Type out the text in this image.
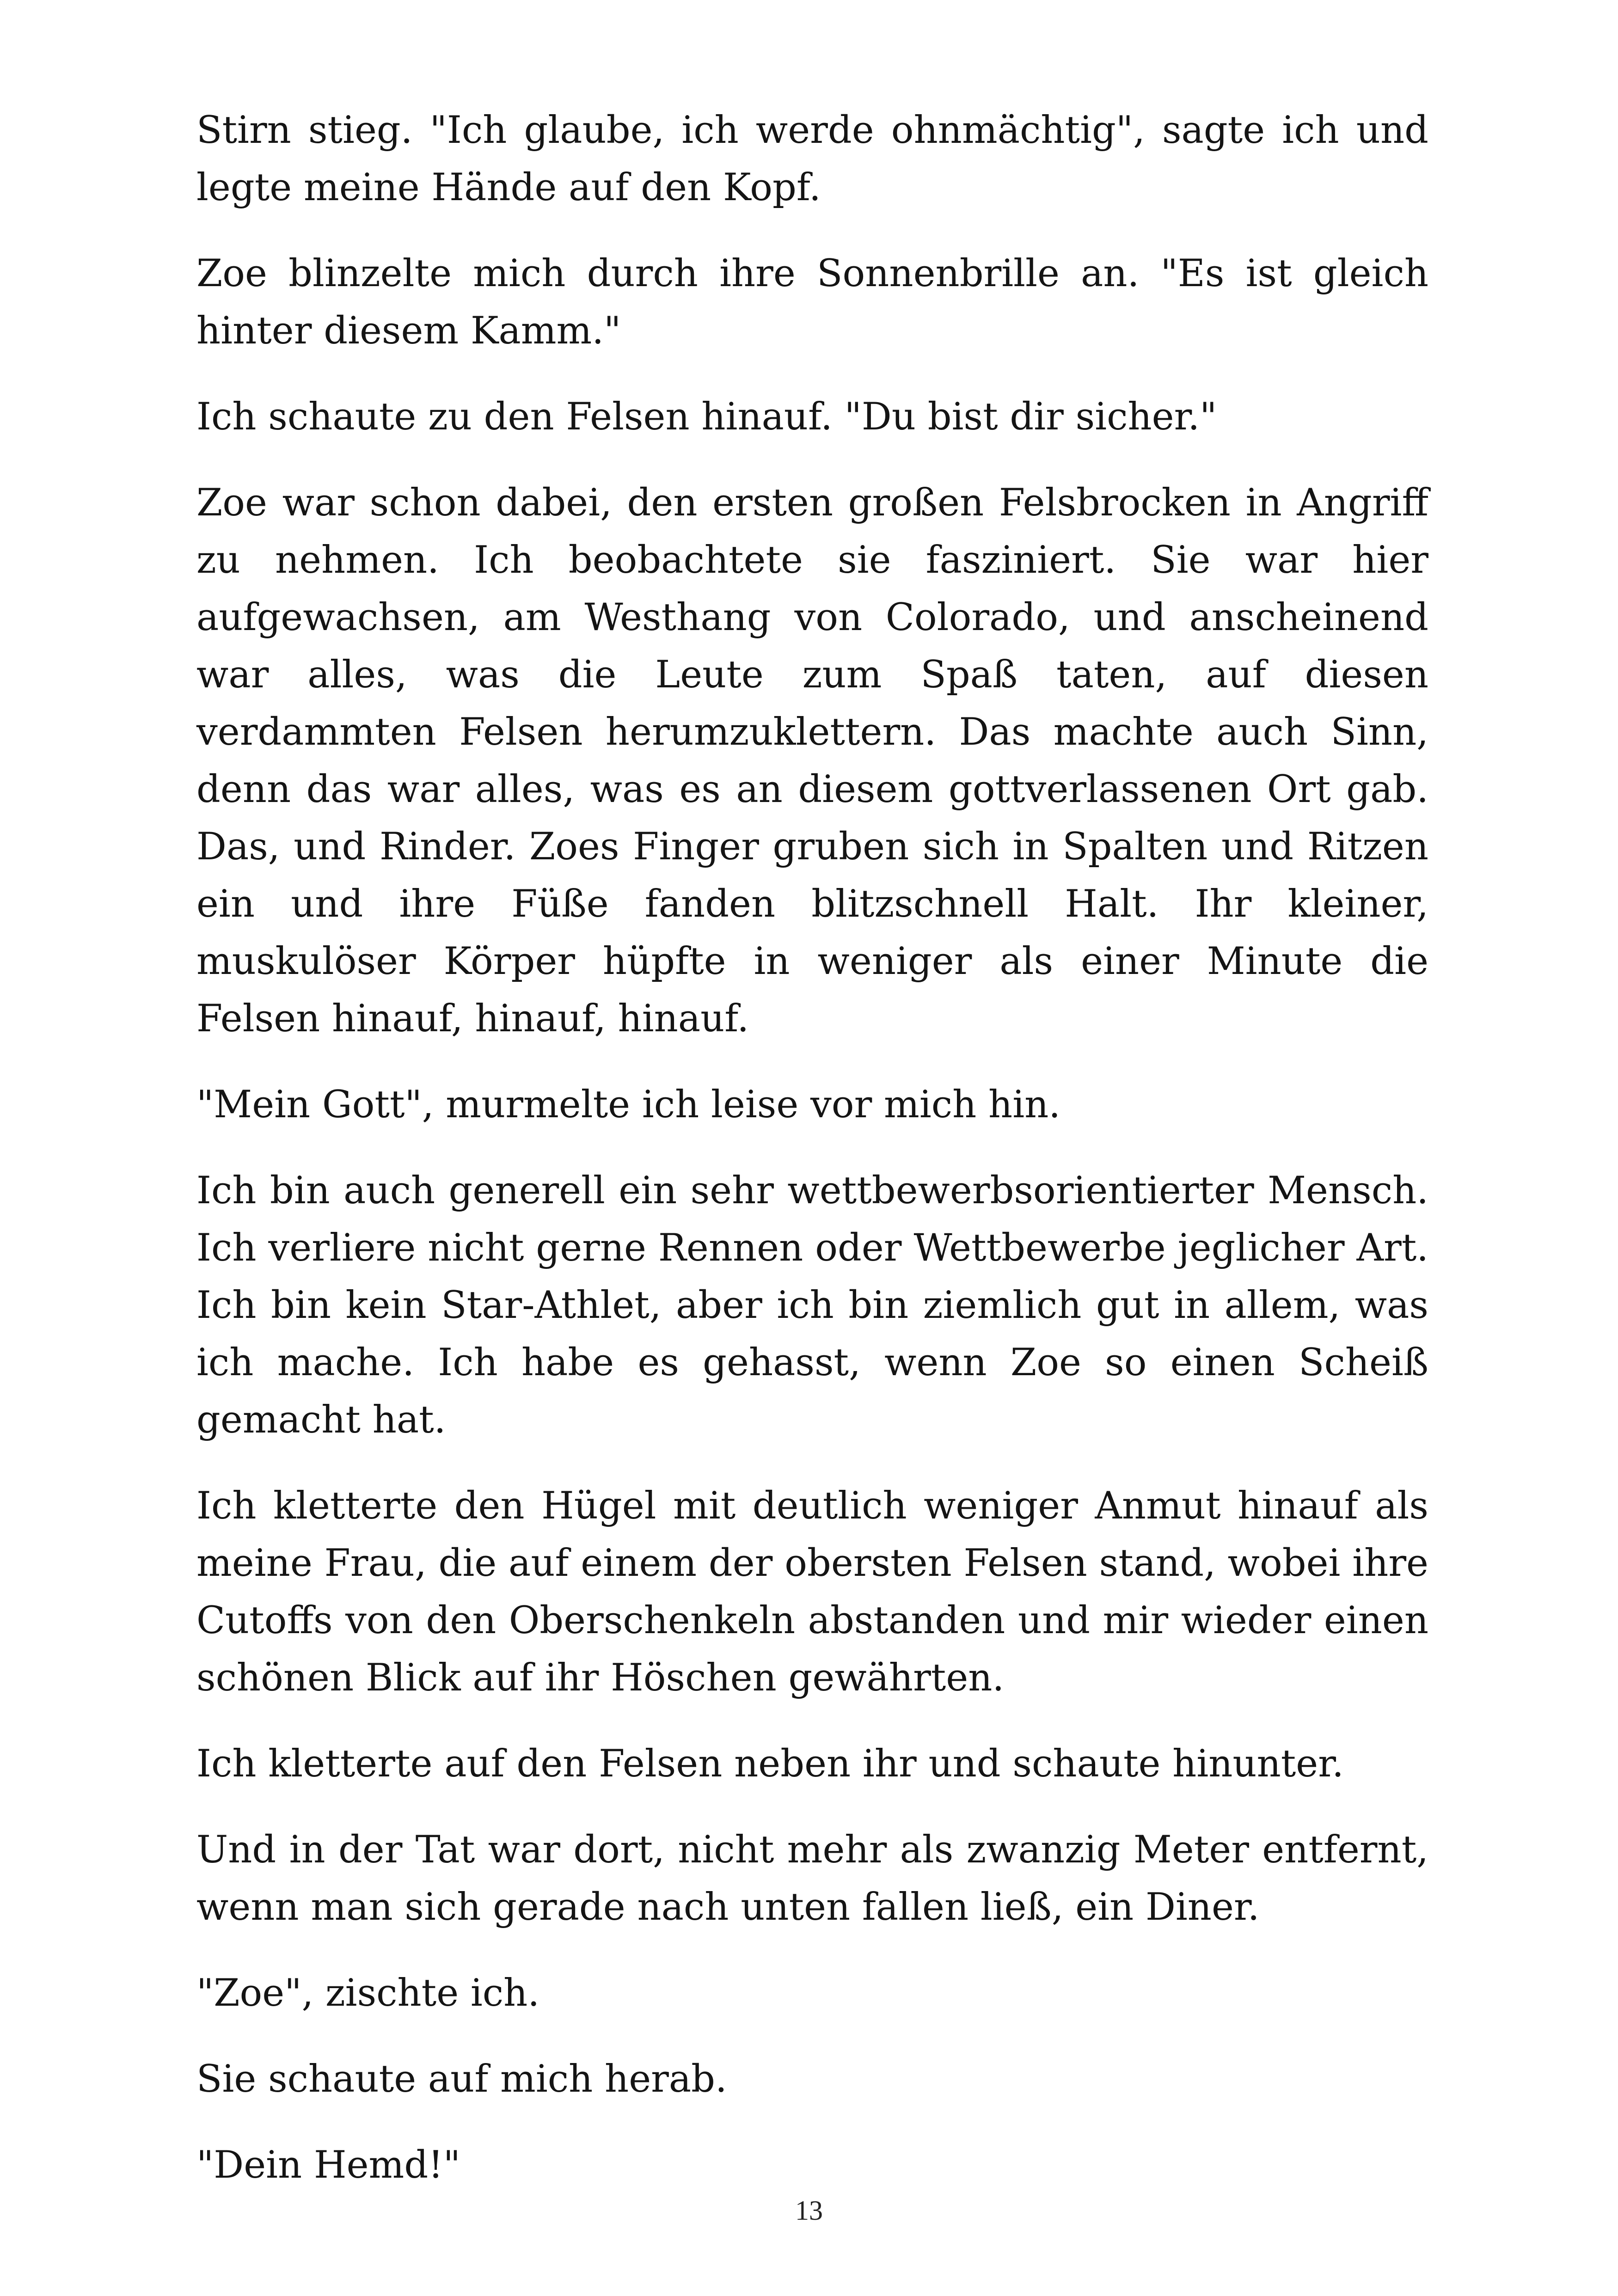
Stirn stieg. "Ich glaube, ich werde ohnmächtig", sagte ich und legte meine Hände auf den Kopf.

Zoe blinzelte mich durch ihre Sonnenbrille an. "Es ist gleich hinter diesem Kamm."

Ich schaute zu den Felsen hinauf. "Du bist dir sicher."

Zoe war schon dabei, den ersten großen Felsbrocken in Angriff zu nehmen. Ich beobachtete sie fasziniert. Sie war hier aufgewachsen, am Westhang von Colorado, und anscheinend war alles, was die Leute zum Spaß taten, auf diesen verdammten Felsen herumzuklettern. Das machte auch Sinn, denn das war alles, was es an diesem gottverlassenen Ort gab. Das, und Rinder. Zoes Finger gruben sich in Spalten und Ritzen ein und ihre Füße fanden blitzschnell Halt. Ihr kleiner, muskulöser Körper hüpfte in weniger als einer Minute die Felsen hinauf, hinauf, hinauf.

"Mein Gott", murmelte ich leise vor mich hin.

Ich bin auch generell ein sehr wettbewerbsorientierter Mensch. Ich verliere nicht gerne Rennen oder Wettbewerbe jeglicher Art. Ich bin kein Star-Athlet, aber ich bin ziemlich gut in allem, was ich mache. Ich habe es gehasst, wenn Zoe so einen Scheiß gemacht hat.

Ich kletterte den Hügel mit deutlich weniger Anmut hinauf als meine Frau, die auf einem der obersten Felsen stand, wobei ihre Cutoffs von den Oberschenkeln abstanden und mir wieder einen schönen Blick auf ihr Höschen gewährten.

Ich kletterte auf den Felsen neben ihr und schaute hinunter.

Und in der Tat war dort, nicht mehr als zwanzig Meter entfernt, wenn man sich gerade nach unten fallen ließ, ein Diner.

"Zoe", zischte ich.

Sie schaute auf mich herab.

"Dein Hemd!"

13
